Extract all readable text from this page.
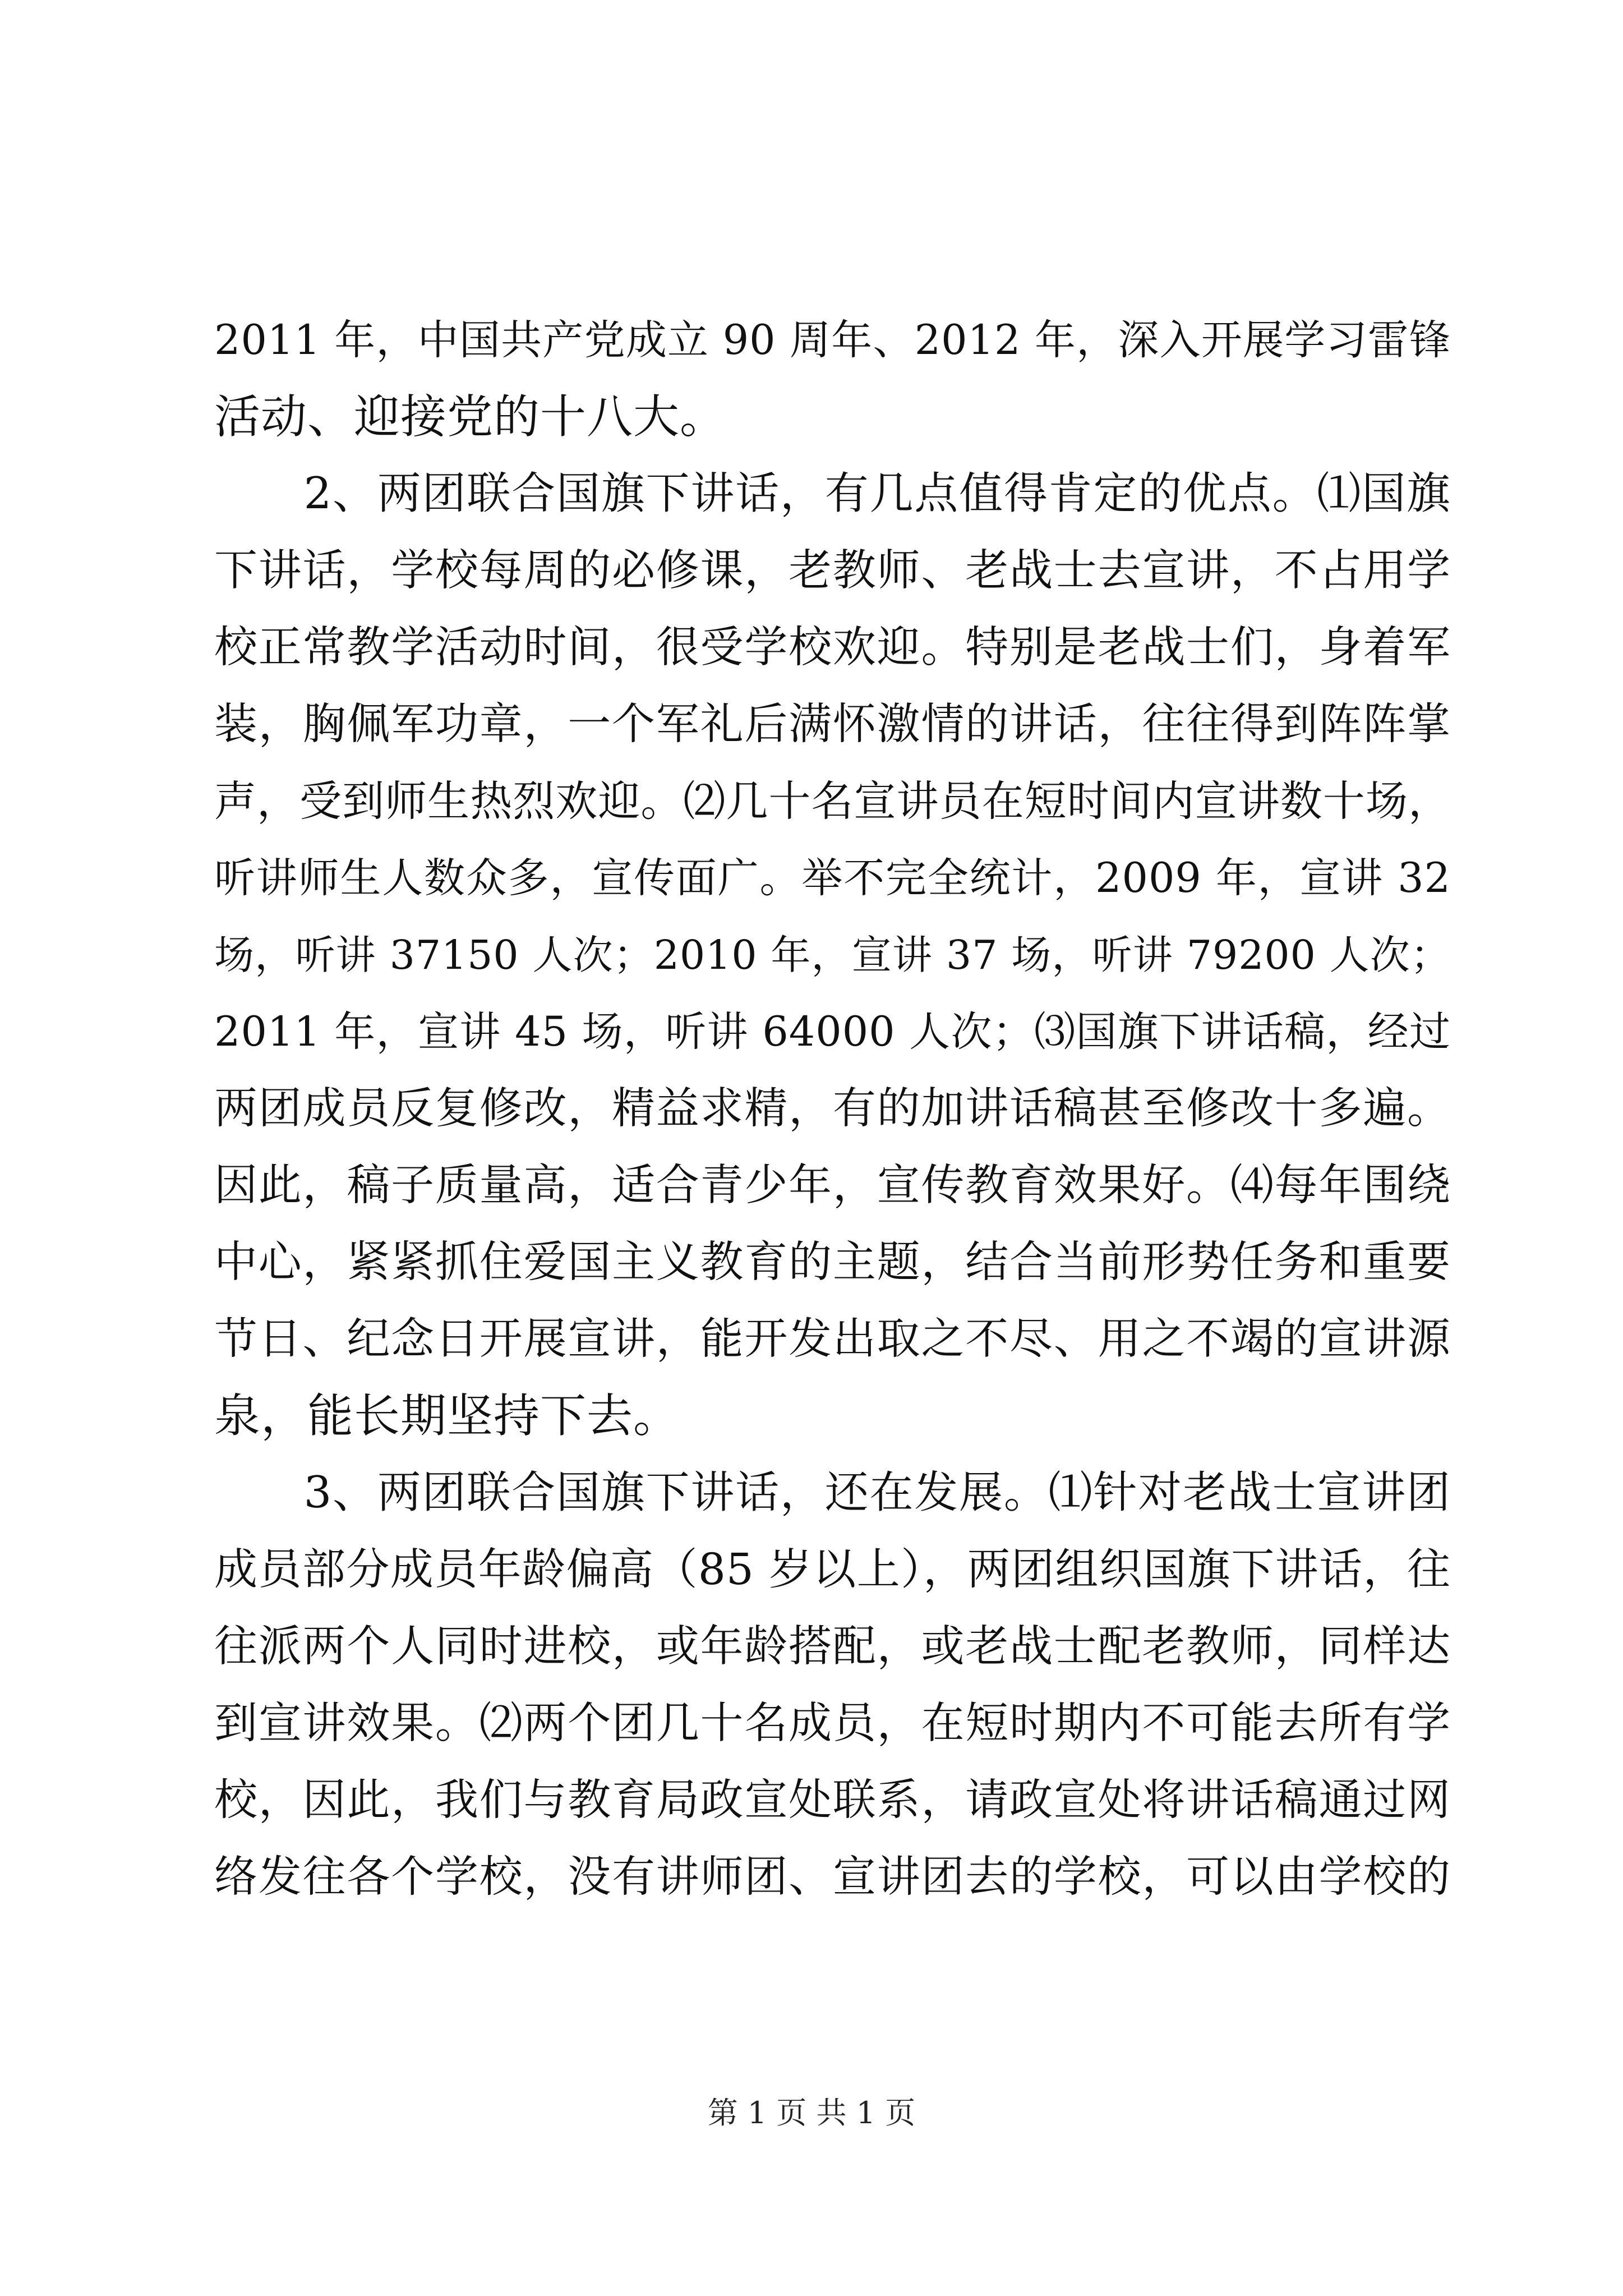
2011 年，中国共产党成立 90 周年、2012 年，深入开展学习雷锋
活动、迎接党的十八大。
　　2、两团联合国旗下讲话，有几点值得肯定的优点。⑴国旗
下讲话，学校每周的必修课，老教师、老战士去宣讲，不占用学
校正常教学活动时间，很受学校欢迎。特别是老战士们，身着军
装，胸佩军功章，一个军礼后满怀激情的讲话，往往得到阵阵掌
声，受到师生热烈欢迎。⑵几十名宣讲员在短时间内宣讲数十场，
听讲师生人数众多，宣传面广。举不完全统计，2009 年，宣讲 32
场，听讲 37150 人次；2010 年，宣讲 37 场，听讲 79200 人次；
2011 年，宣讲 45 场，听讲 64000 人次；⑶国旗下讲话稿，经过
两团成员反复修改，精益求精，有的加讲话稿甚至修改十多遍。
因此，稿子质量高，适合青少年，宣传教育效果好。⑷每年围绕
中心，紧紧抓住爱国主义教育的主题，结合当前形势任务和重要
节日、纪念日开展宣讲，能开发出取之不尽、用之不竭的宣讲源
泉，能长期坚持下去。
　　3、两团联合国旗下讲话，还在发展。⑴针对老战士宣讲团
成员部分成员年龄偏高（85 岁以上），两团组织国旗下讲话，往
往派两个人同时进校，或年龄搭配，或老战士配老教师，同样达
到宣讲效果。⑵两个团几十名成员，在短时期内不可能去所有学
校，因此，我们与教育局政宣处联系，请政宣处将讲话稿通过网
络发往各个学校，没有讲师团、宣讲团去的学校，可以由学校的
第 1 页 共 1 页
